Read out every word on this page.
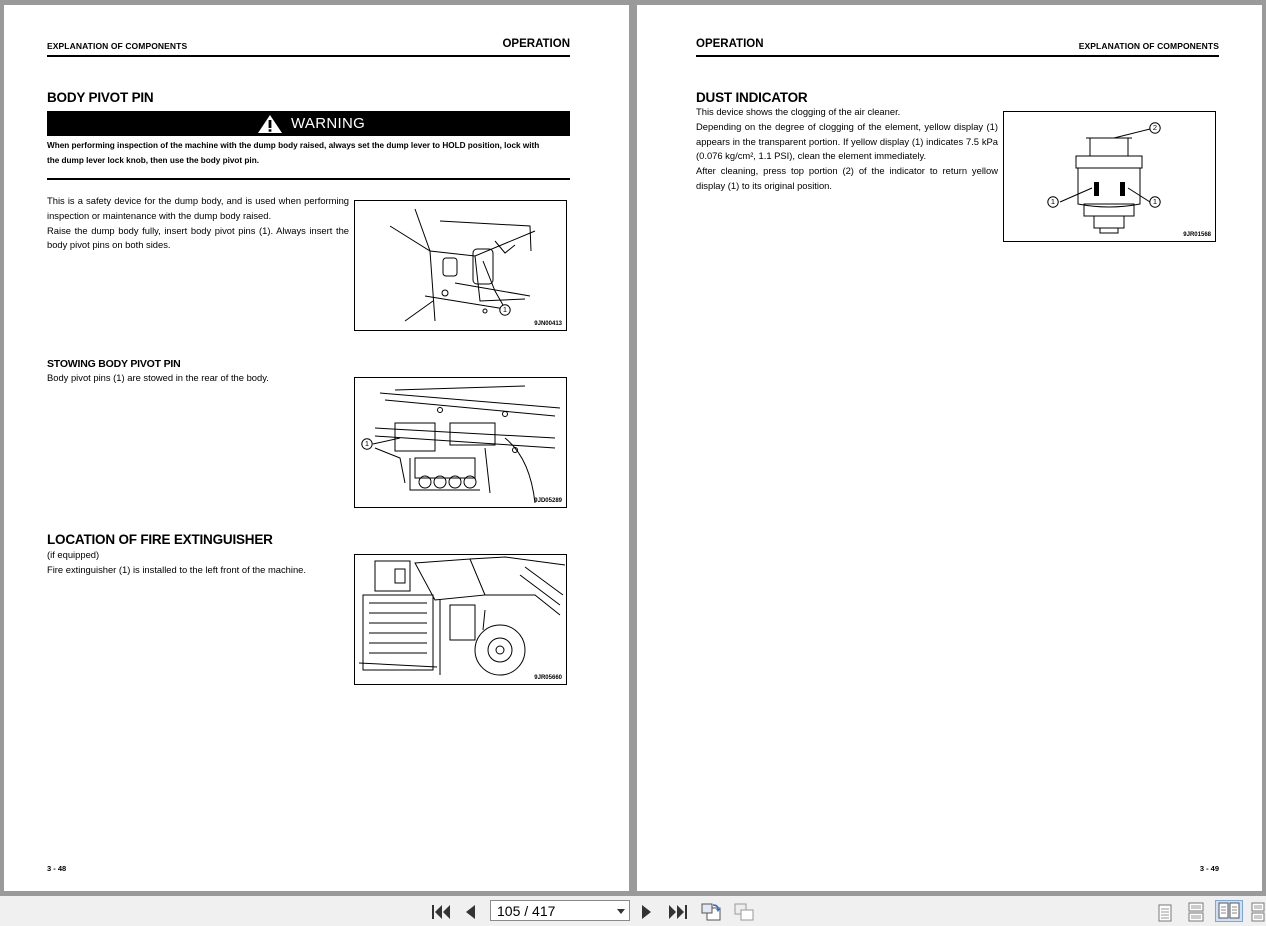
EXPLANATION OF COMPONENTS	OPERATION
BODY PIVOT PIN
WARNING
When performing inspection of the machine with the dump body raised, always set the dump lever to HOLD position, lock with
the dump lever lock knob, then use the body pivot pin.

This is a safety device for the dump body, and is used when performing inspection or maintenance with the dump body raised.

Raise the dump body fully, insert body pivot pins (1). Always insert the body pivot pins on both sides.

1
9JN00413
STOWING BODY PIVOT PIN
Body pivot pins (1) are stowed in the rear of the body.
1
9JD05289
LOCATION OF FIRE EXTINGUISHER
(if equipped)
Fire extinguisher (1) is installed to the left front of the machine.
9JR05660
3 - 48
OPERATION	EXPLANATION OF COMPONENTS
DUST INDICATOR

This device shows the clogging of the air cleaner.

Depending on the degree of clogging of the element, yellow display (1) appears in the transparent portion. If yellow display (1) indicates 7.5 kPa (0.076 kg/cm², 1.1 PSI), clean the element immediately.

After cleaning, press top portion (2) of the indicator to return yellow display (1) to its original position.

2
1	1
9JR01568
3 - 49
105 / 417
